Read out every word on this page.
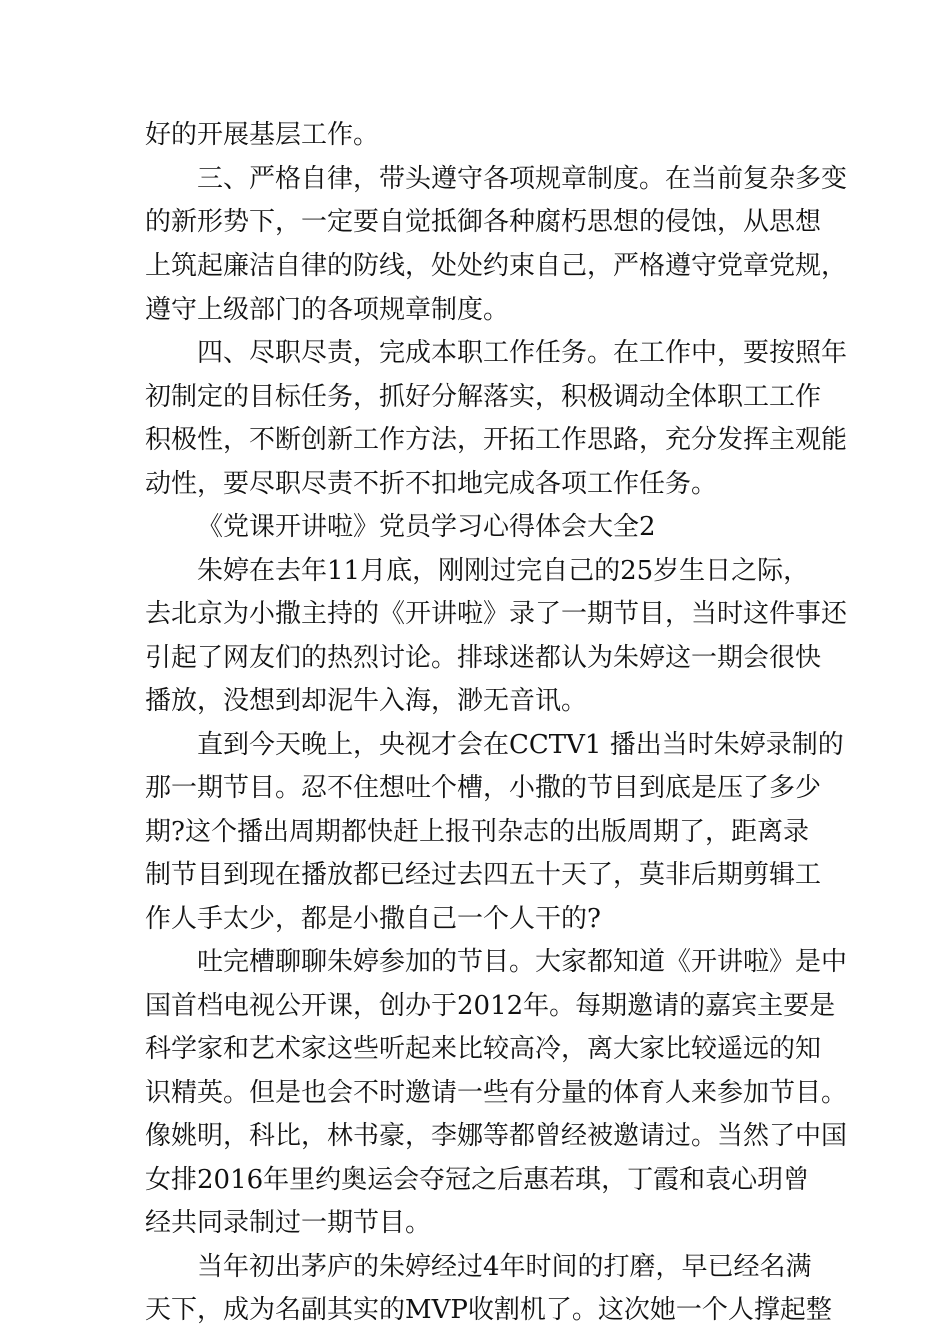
好的开展基层工作。
三、严格自律，带头遵守各项规章制度。在当前复杂多变
的新形势下，一定要自觉抵御各种腐朽思想的侵蚀，从思想
上筑起廉洁自律的防线，处处约束自己，严格遵守党章党规，
遵守上级部门的各项规章制度。
四、尽职尽责，完成本职工作任务。在工作中，要按照年
初制定的目标任务，抓好分解落实，积极调动全体职工工作
积极性，不断创新工作方法，开拓工作思路，充分发挥主观能
动性，要尽职尽责不折不扣地完成各项工作任务。
《党课开讲啦》党员学习心得体会大全2
朱婷在去年11月底，刚刚过完自己的25岁生日之际，
去北京为小撒主持的《开讲啦》录了一期节目，当时这件事还
引起了网友们的热烈讨论。排球迷都认为朱婷这一期会很快
播放，没想到却泥牛入海，渺无音讯。
直到今天晚上，央视才会在CCTV1 播出当时朱婷录制的
那一期节目。忍不住想吐个槽，小撒的节目到底是压了多少
期?这个播出周期都快赶上报刊杂志的出版周期了，距离录
制节目到现在播放都已经过去四五十天了，莫非后期剪辑工
作人手太少，都是小撒自己一个人干的?
吐完槽聊聊朱婷参加的节目。大家都知道《开讲啦》是中
国首档电视公开课，创办于2012年。每期邀请的嘉宾主要是
科学家和艺术家这些听起来比较高冷，离大家比较遥远的知
识精英。但是也会不时邀请一些有分量的体育人来参加节目。
像姚明，科比，林书豪，李娜等都曾经被邀请过。当然了中国
女排2016年里约奥运会夺冠之后惠若琪，丁霞和袁心玥曾
经共同录制过一期节目。
当年初出茅庐的朱婷经过4年时间的打磨，早已经名满
天下，成为名副其实的MVP收割机了。这次她一个人撑起整
